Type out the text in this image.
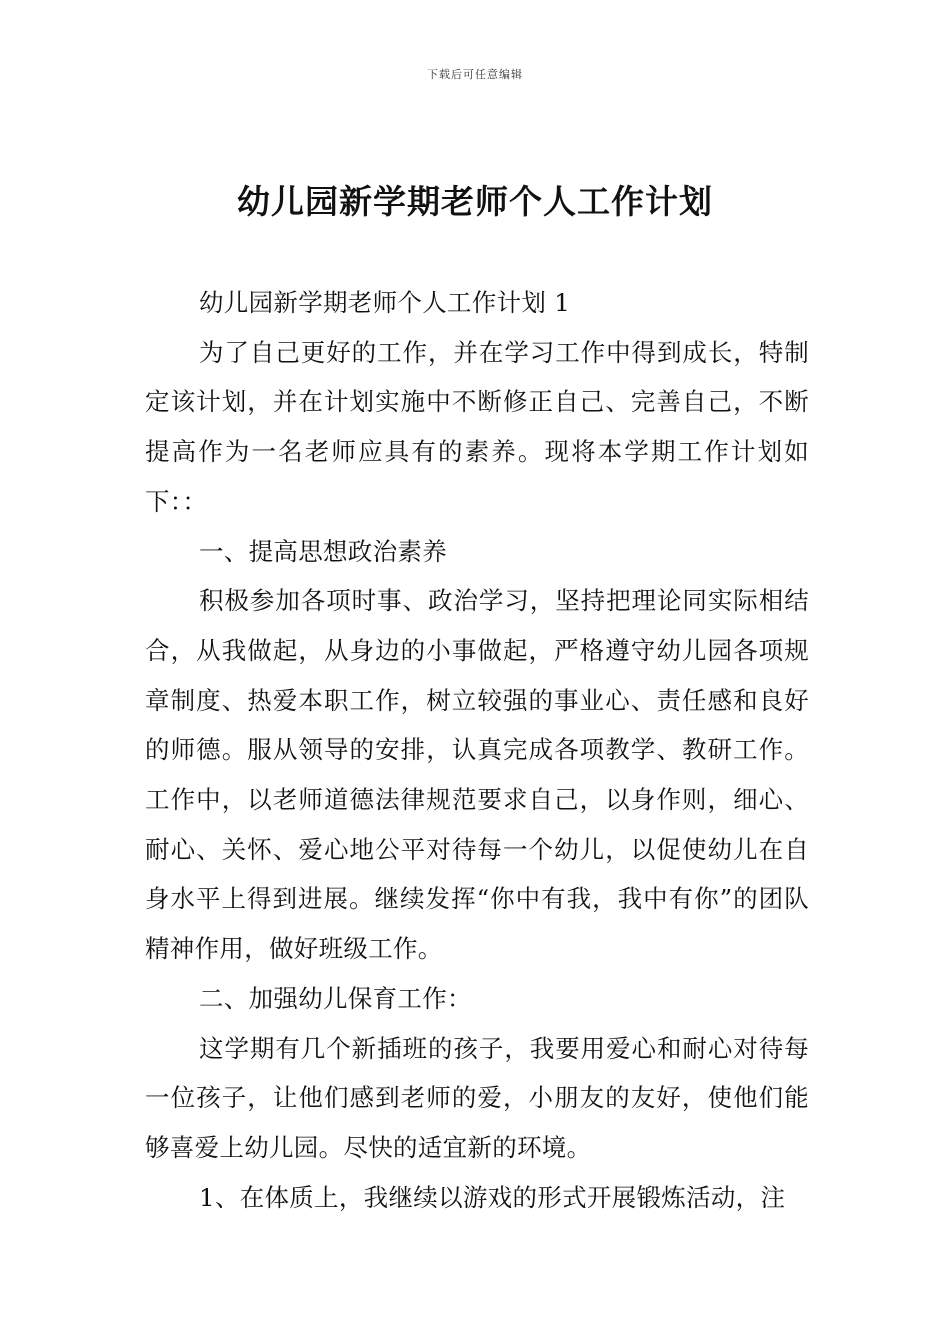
下载后可任意编辑
幼儿园新学期老师个人工作计划

幼儿园新学期老师个人工作计划 1

为了自己更好的工作，并在学习工作中得到成长，特制定该计划，并在计划实施中不断修正自己、完善自己，不断提高作为一名老师应具有的素养。现将本学期工作计划如下：：

一、提高思想政治素养

积极参加各项时事、政治学习，坚持把理论同实际相结合，从我做起，从身边的小事做起，严格遵守幼儿园各项规章制度、热爱本职工作，树立较强的事业心、责任感和良好的师德。服从领导的安排，认真完成各项教学、教研工作。工作中，以老师道德法律规范要求自己，以身作则，细心、耐心、关怀、爱心地公平对待每一个幼儿，以促使幼儿在自身水平上得到进展。继续发挥“你中有我，我中有你”的团队精神作用，做好班级工作。

二、加强幼儿保育工作：

这学期有几个新插班的孩子，我要用爱心和耐心对待每一位孩子，让他们感到老师的爱，小朋友的友好，使他们能够喜爱上幼儿园。尽快的适宜新的环境。

1、在体质上，我继续以游戏的形式开展锻炼活动，注
